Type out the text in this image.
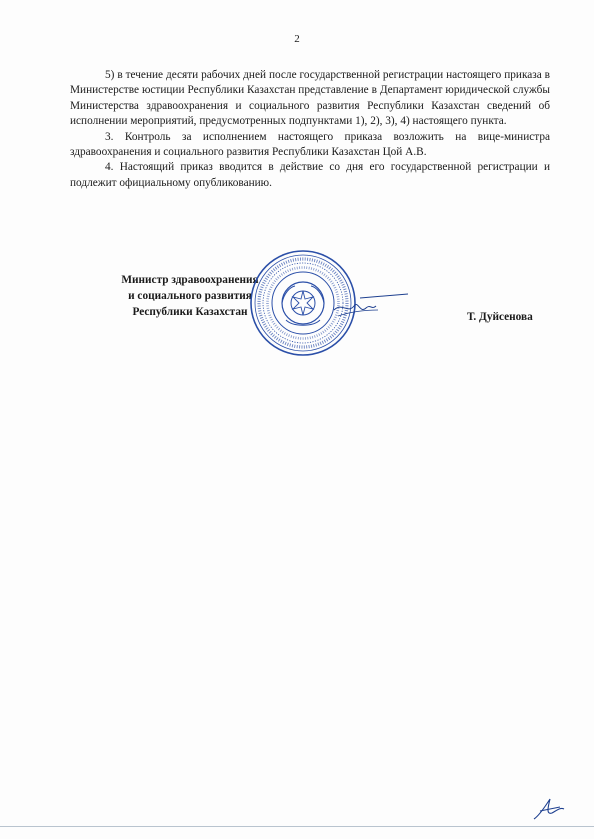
2

5) в течение десяти рабочих дней после государственной регистрации настоящего приказа в Министерстве юстиции Республики Казахстан представление в Департамент юридической службы Министерства здравоохранения и социального развития Республики Казахстан сведений об исполнении мероприятий, предусмотренных подпунктами 1), 2), 3), 4) настоящего пункта.

3. Контроль за исполнением настоящего приказа возложить на вице-министра здравоохранения и социального развития Республики Казахстан Цой А.В.

4. Настоящий приказ вводится в действие со дня его государственной регистрации и подлежит официальному опубликованию.

Министр здравоохранения
и социального развития
Республики Казахстан	Т. Дуйсенова
